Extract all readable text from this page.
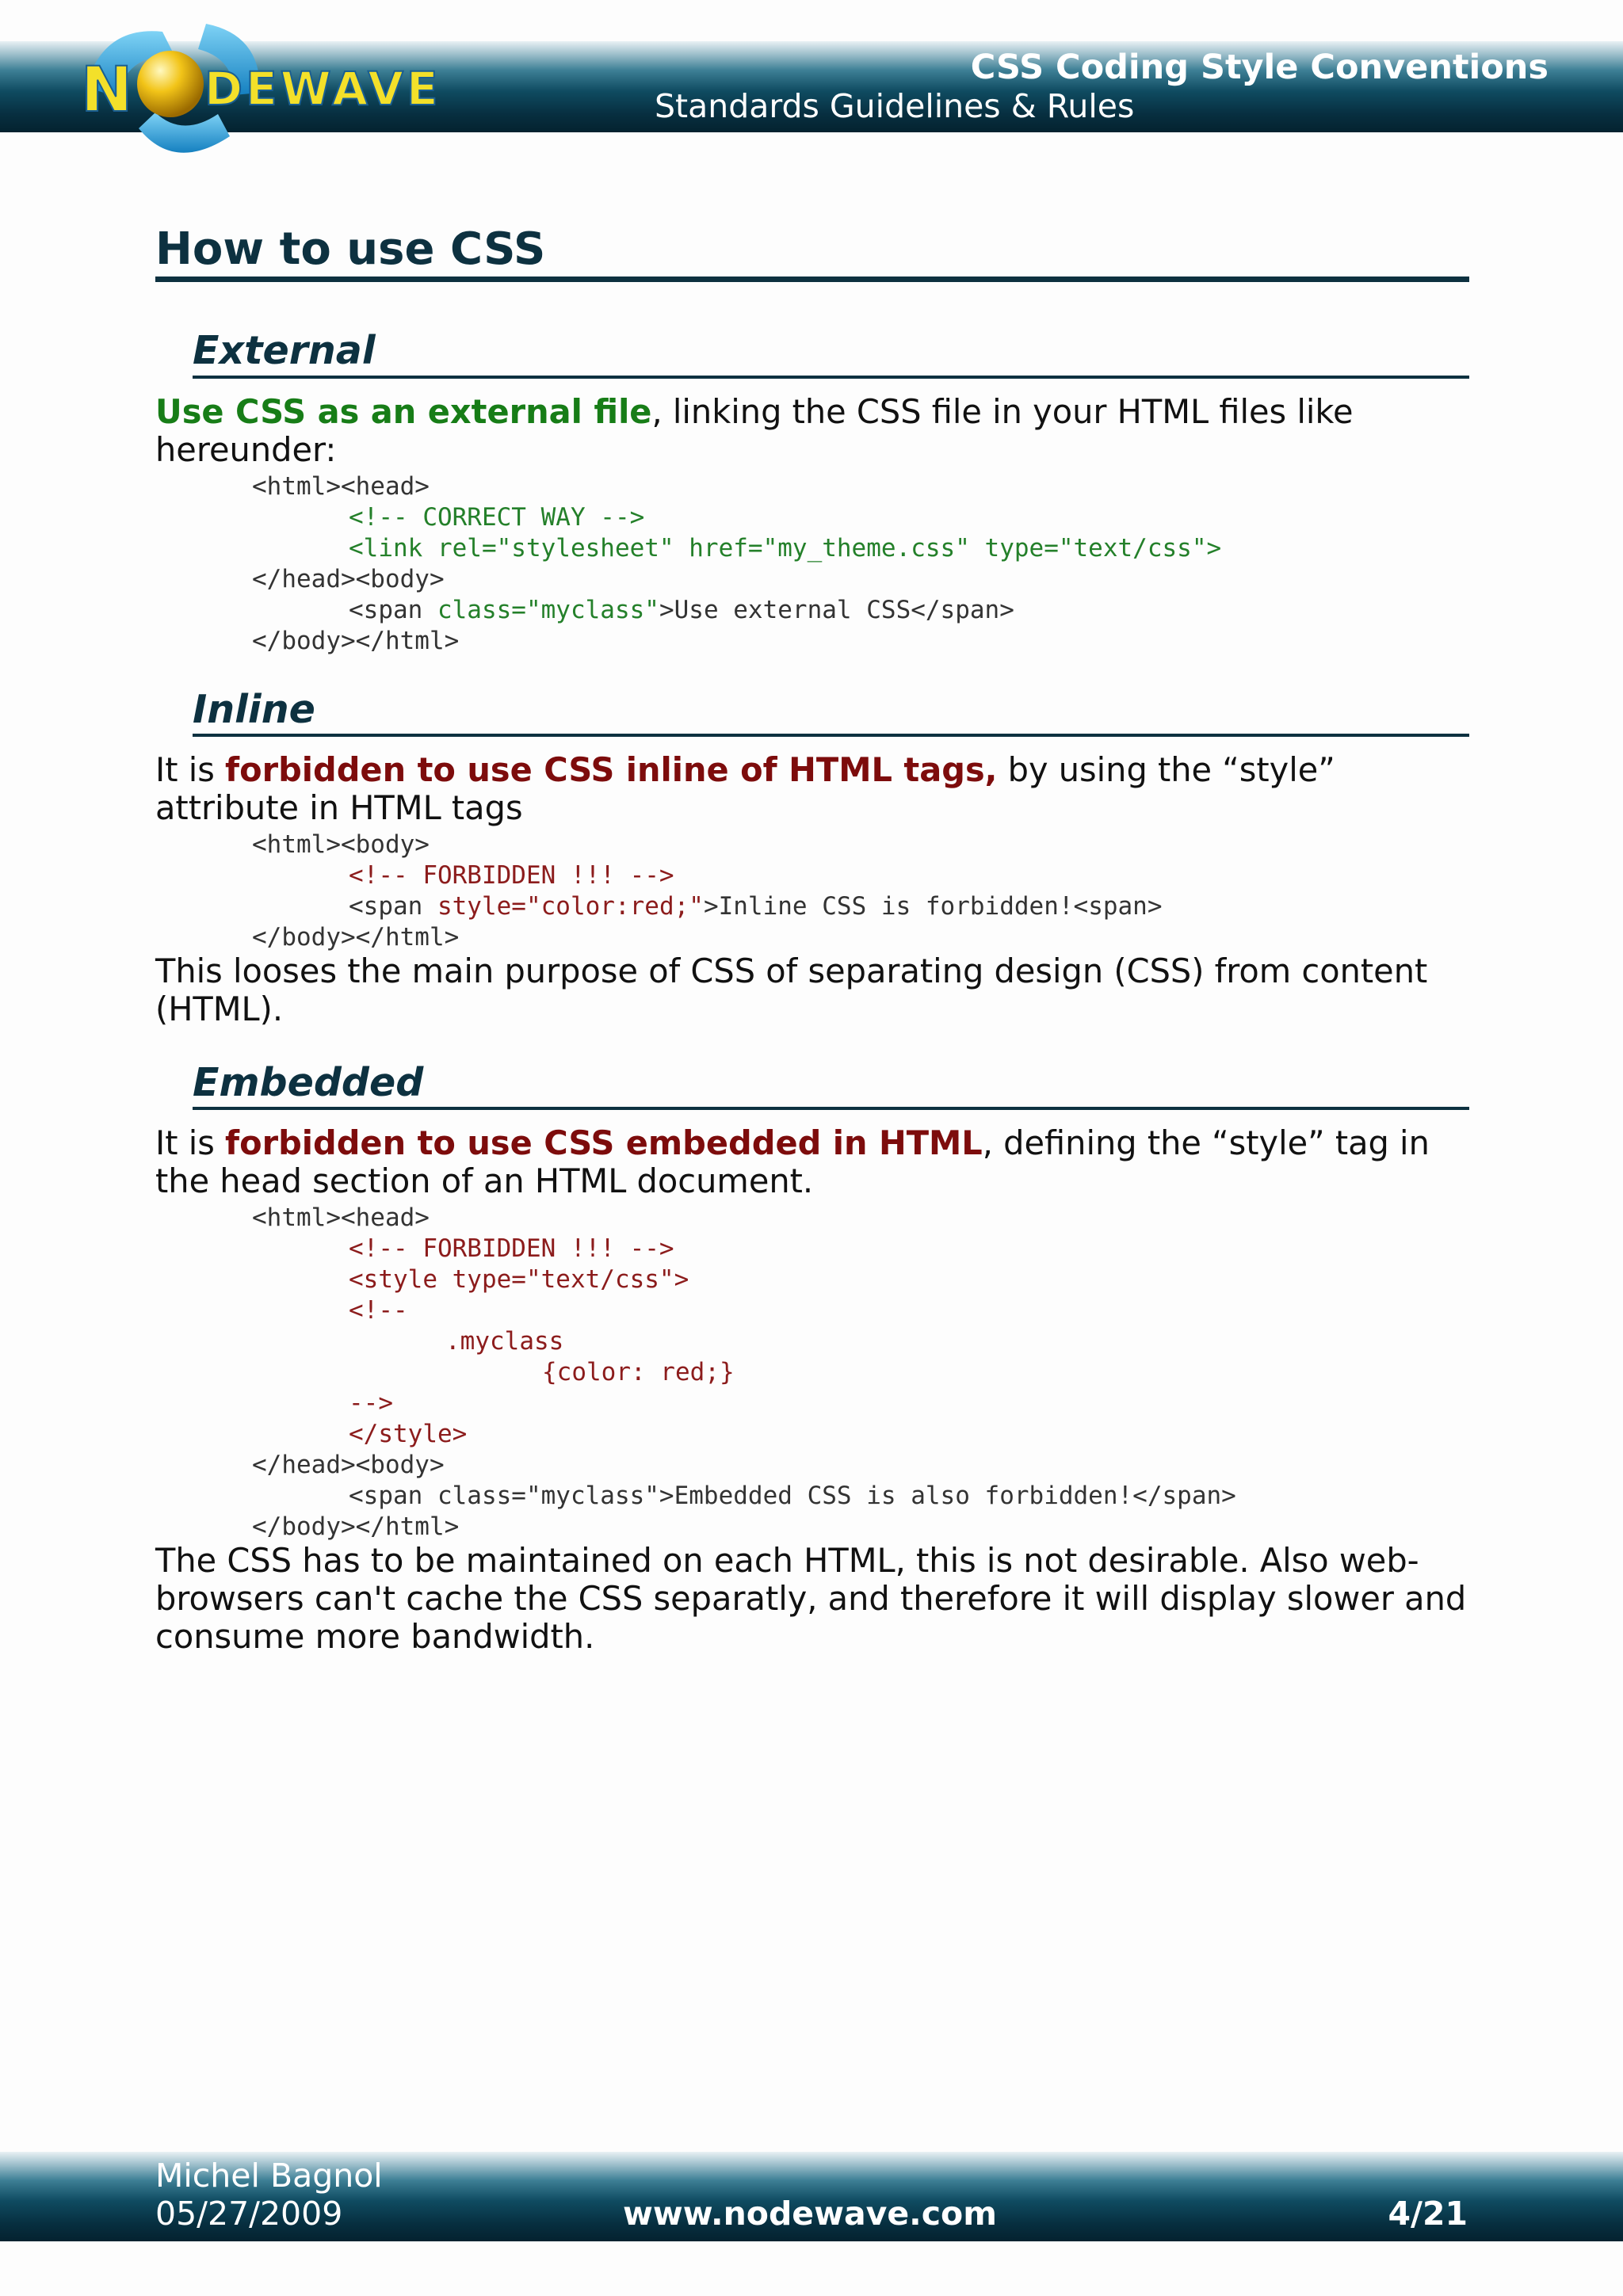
N DEWAVE	CSS Coding Style Conventions
Standards Guidelines & Rules
How to use CSS
External

Use CSS as an external file, linking the CSS file in your HTML files like hereunder:

<html><head>
<!-- CORRECT WAY -->
<link rel="stylesheet" href="my_theme.css" type="text/css">
</head><body>
<span class="myclass">Use external CSS</span>
</body></html>
Inline

It is forbidden to use CSS inline of HTML tags, by using the “style” attribute in HTML tags

<html><body>
<!-- FORBIDDEN !!! -->
<span style="color:red;">Inline CSS is forbidden!<span>
</body></html>

This looses the main purpose of CSS of separating design (CSS) from content (HTML).

Embedded

It is forbidden to use CSS embedded in HTML, defining the “style” tag in the head section of an HTML document.

<html><head>
<!-- FORBIDDEN !!! -->
<style type="text/css">
<!--
.myclass
{color: red;}
-->
</style>
</head><body>
<span class="myclass">Embedded CSS is also forbidden!</span>
</body></html>

The CSS has to be maintained on each HTML, this is not desirable. Also web-browsers can't cache the CSS separatly, and therefore it will display slower and consume more bandwidth.

Michel Bagnol
05/27/2009	www.nodewave.com	4/21
